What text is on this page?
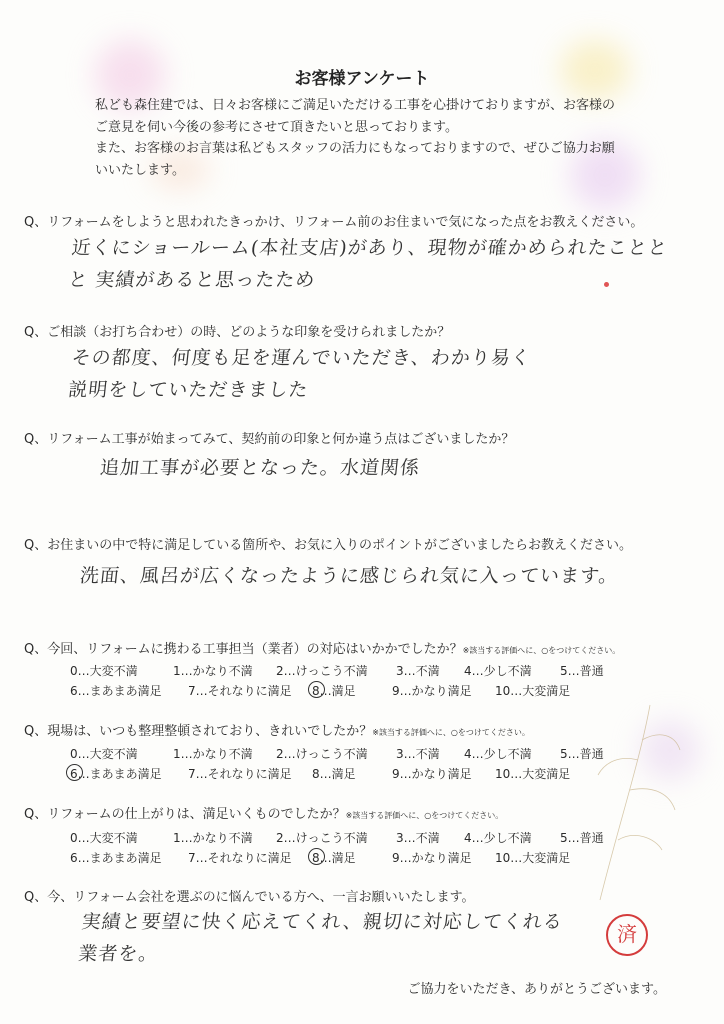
お客様アンケート

私ども森住建では、日々お客様にご満足いただける工事を心掛けておりますが、お客様の

ご意見を伺い今後の参考にさせて頂きたいと思っております。

また、お客様のお言葉は私どもスタッフの活力にもなっておりますので、ぜひご協力お願

いいたします。

Q、リフォームをしようと思われたきっかけ、リフォーム前のお住まいで気になった点をお教えください。
近くにショールーム(本社支店)があり、現物が確かめられたことと
と 実績があると思ったため
Q、ご相談（お打ち合わせ）の時、どのような印象を受けられましたか？
その都度、何度も足を運んでいただき、わかり易く
説明をしていただきました
Q、リフォーム工事が始まってみて、契約前の印象と何か違う点はございましたか？
追加工事が必要となった。水道関係
Q、お住まいの中で特に満足している箇所や、お気に入りのポイントがございましたらお教えください。
洗面、風呂が広くなったように感じられ気に入っています。
Q、今回、リフォームに携わる工事担当（業者）の対応はいかかでしたか？※該当する評価へに、○をつけてください。
0…大変不満	1…かなり不満 2…けっこう不満 3…不満 4…少し不満 5…普通
6…まあまあ満足 7…それなりに満足 8…満足	9…かなり満足 10…大変満足
Q、現場は、いつも整理整頓されており、きれいでしたか？※該当する評価へに、○をつけてください。
0…大変不満	1…かなり不満 2…けっこう不満 3…不満 4…少し不満 5…普通
6…まあまあ満足 7…それなりに満足 8…満足	9…かなり満足 10…大変満足
Q、リフォームの仕上がりは、満足いくものでしたか？※該当する評価へに、○をつけてください。
0…大変不満	1…かなり不満 2…けっこう不満 3…不満 4…少し不満 5…普通
6…まあまあ満足 7…それなりに満足 8…満足	9…かなり満足 10…大変満足
Q、今、リフォーム会社を選ぶのに悩んでいる方へ、一言お願いいたします。
実績と要望に快く応えてくれ、親切に対応してくれる
業者を。
済
ご協力をいただき、ありがとうございます。
